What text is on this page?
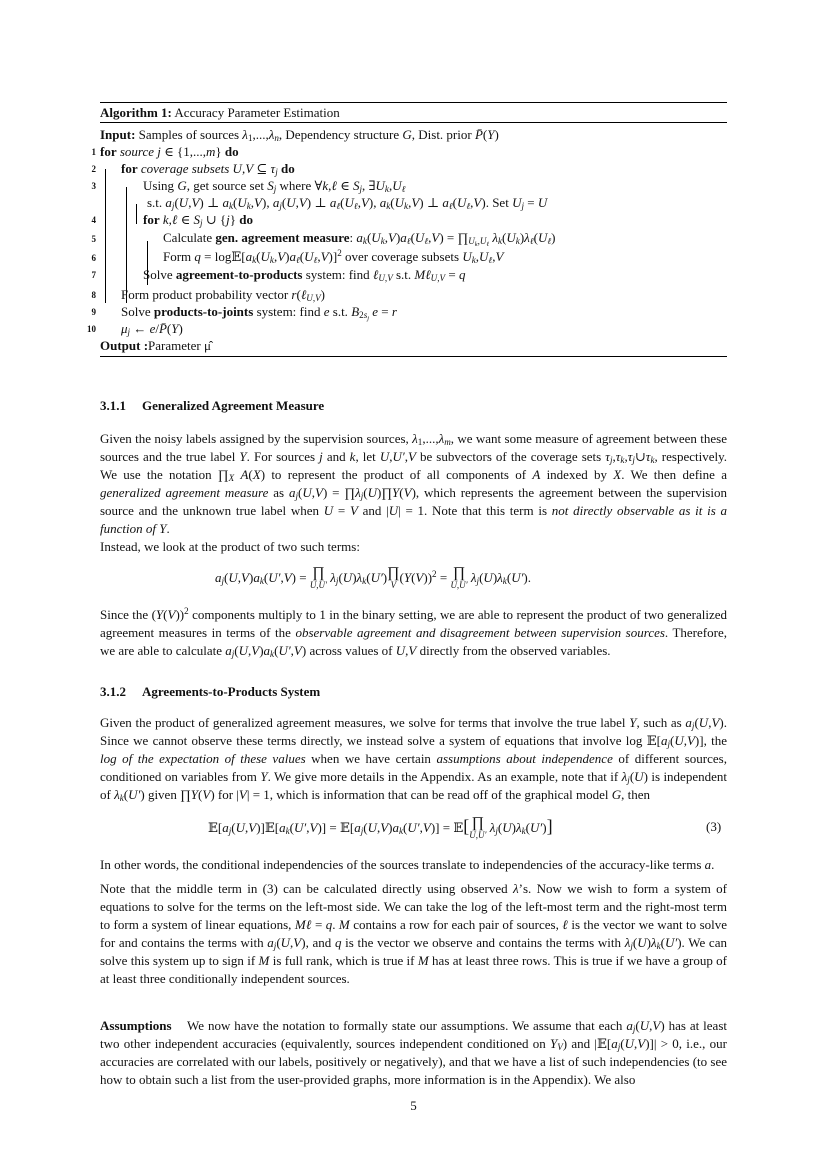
Algorithm 1: Accuracy Parameter Estimation
Input: Samples of sources $\lambda_1,...,\lambda_n$, Dependency structure G, Dist. prior P̄(Y)
1 for source j ∈ {1,...,m} do
2 for coverage subsets U,V ⊆ $\tau_j$ do
3	Using G, get source set $S_j$ where ∀k,ℓ ∈ $S_j$, $\exists U_k,U_\ell$
s.t. $a_j(U,V)$ ⊥ $a_k(U_k,V)$, $a_j(U,V)$ ⊥ $a_\ell(U_\ell,V)$, $a_k(U_k,V)$ ⊥ $a_\ell(U_\ell,V)$. Set $U_j = U$
4	for k,ℓ ∈ $S_j$ ∪ {j} do
5	Calculate gen. agreement measure: $a_k(U_k,V)a_\ell(U_\ell,V)$ = $\prod_{U_k,U_\ell}$ $\lambda_k(U_k)\lambda_\ell(U_\ell)$
6	Form $q = \log 𝔼[a_k(U_k,V)a_\ell(U_\ell,V)]^2$ over coverage subsets $U_k,U_\ell,V$
7	Solve agreement-to-products system: find ℓ$_{U,V}$ s.t. Mℓ$_{U,V}$ = q
8 Form product probability vector r(ℓ$_{U,V}$)
9 Solve products-to-joints system: find e s.t. $B_{2s_j}$ e = r
10 $\mu_j$ ← e/P̄(Y)
Output :Parameter μ̂
3.1.1 Generalized Agreement Measure

Given the noisy labels assigned by the supervision sources, $\lambda_1,...,\lambda_m$, we want some measure of agreement between these sources and the true label Y. For sources j and k, let U,U′,V be subvectors of the coverage sets $\tau_j,\tau_k,\tau_j\cup\tau_k$, respectively. We use the notation $\prod_X$ A(X) to represent the product of all components of A indexed by X. We then define a generalized agreement measure as $a_j(U,V)$ = $\prod\lambda_j(U)\prod Y(V)$, which represents the agreement between the supervision source and the unknown true label when U = V and |U| = 1. Note that this term is not directly observable as it is a function of Y.

Instead, we look at the product of two such terms:

$a_j(U,V)a_k(U',V)$ = ∏
U,U′ $\lambda_j(U)\lambda_k(U')$ ∏
V $(Y(V))^2$ = ∏
U,U′ $\lambda_j(U)\lambda_k(U')$.

Since the $(Y(V))^2$ components multiply to 1 in the binary setting, we are able to represent the product of two generalized agreement measures in terms of the observable agreement and disagreement between supervision sources. Therefore, we are able to calculate $a_j(U,V)a_k(U',V)$ across values of U,V directly from the observed variables.

3.1.2 Agreements-to-Products System

Given the product of generalized agreement measures, we solve for terms that involve the true label Y, such as $a_j(U,V)$. Since we cannot observe these terms directly, we instead solve a system of equations that involve $\log 𝔼[a_j(U,V)]$, the log of the expectation of these values when we have certain assumptions about independence of different sources, conditioned on variables from Y. We give more details in the Appendix. As an example, note that if $\lambda_j(U)$ is independent of $\lambda_k(U')$ given ∏Y(V) for |V| = 1, which is information that can be read off of the graphical model G, then

$𝔼[a_j(U,V)]𝔼[a_k(U',V)]$ = $𝔼[a_j(U,V)a_k(U',V)]$ = 𝔼[ ∏
U,U′ $\lambda_j(U)\lambda_k(U')$]	(3)

In other words, the conditional independencies of the sources translate to independencies of the accuracy-like terms a.

Note that the middle term in (3) can be calculated directly using observed λ’s. Now we wish to form a system of equations to solve for the terms on the left-most side. We can take the log of the left-most term and the right-most term to form a system of linear equations, Mℓ = q. M contains a row for each pair of sources, ℓ is the vector we want to solve for and contains the terms with $a_j(U,V)$, and q is the vector we observe and contains the terms with $\lambda_j(U)\lambda_k(U')$. We can solve this system up to sign if M is full rank, which is true if M has at least three rows. This is true if we have a group of at least three conditionally independent sources.

Assumptions    We now have the notation to formally state our assumptions. We assume that each $a_j(U,V)$ has at least two other independent accuracies (equivalently, sources independent conditioned on $Y_V$) and $|𝔼[a_j(U,V)]| > 0$, i.e., our accuracies are correlated with our labels, positively or negatively), and that we have a list of such independencies (to see how to obtain such a list from the user-provided graphs, more information is in the Appendix). We also

5
